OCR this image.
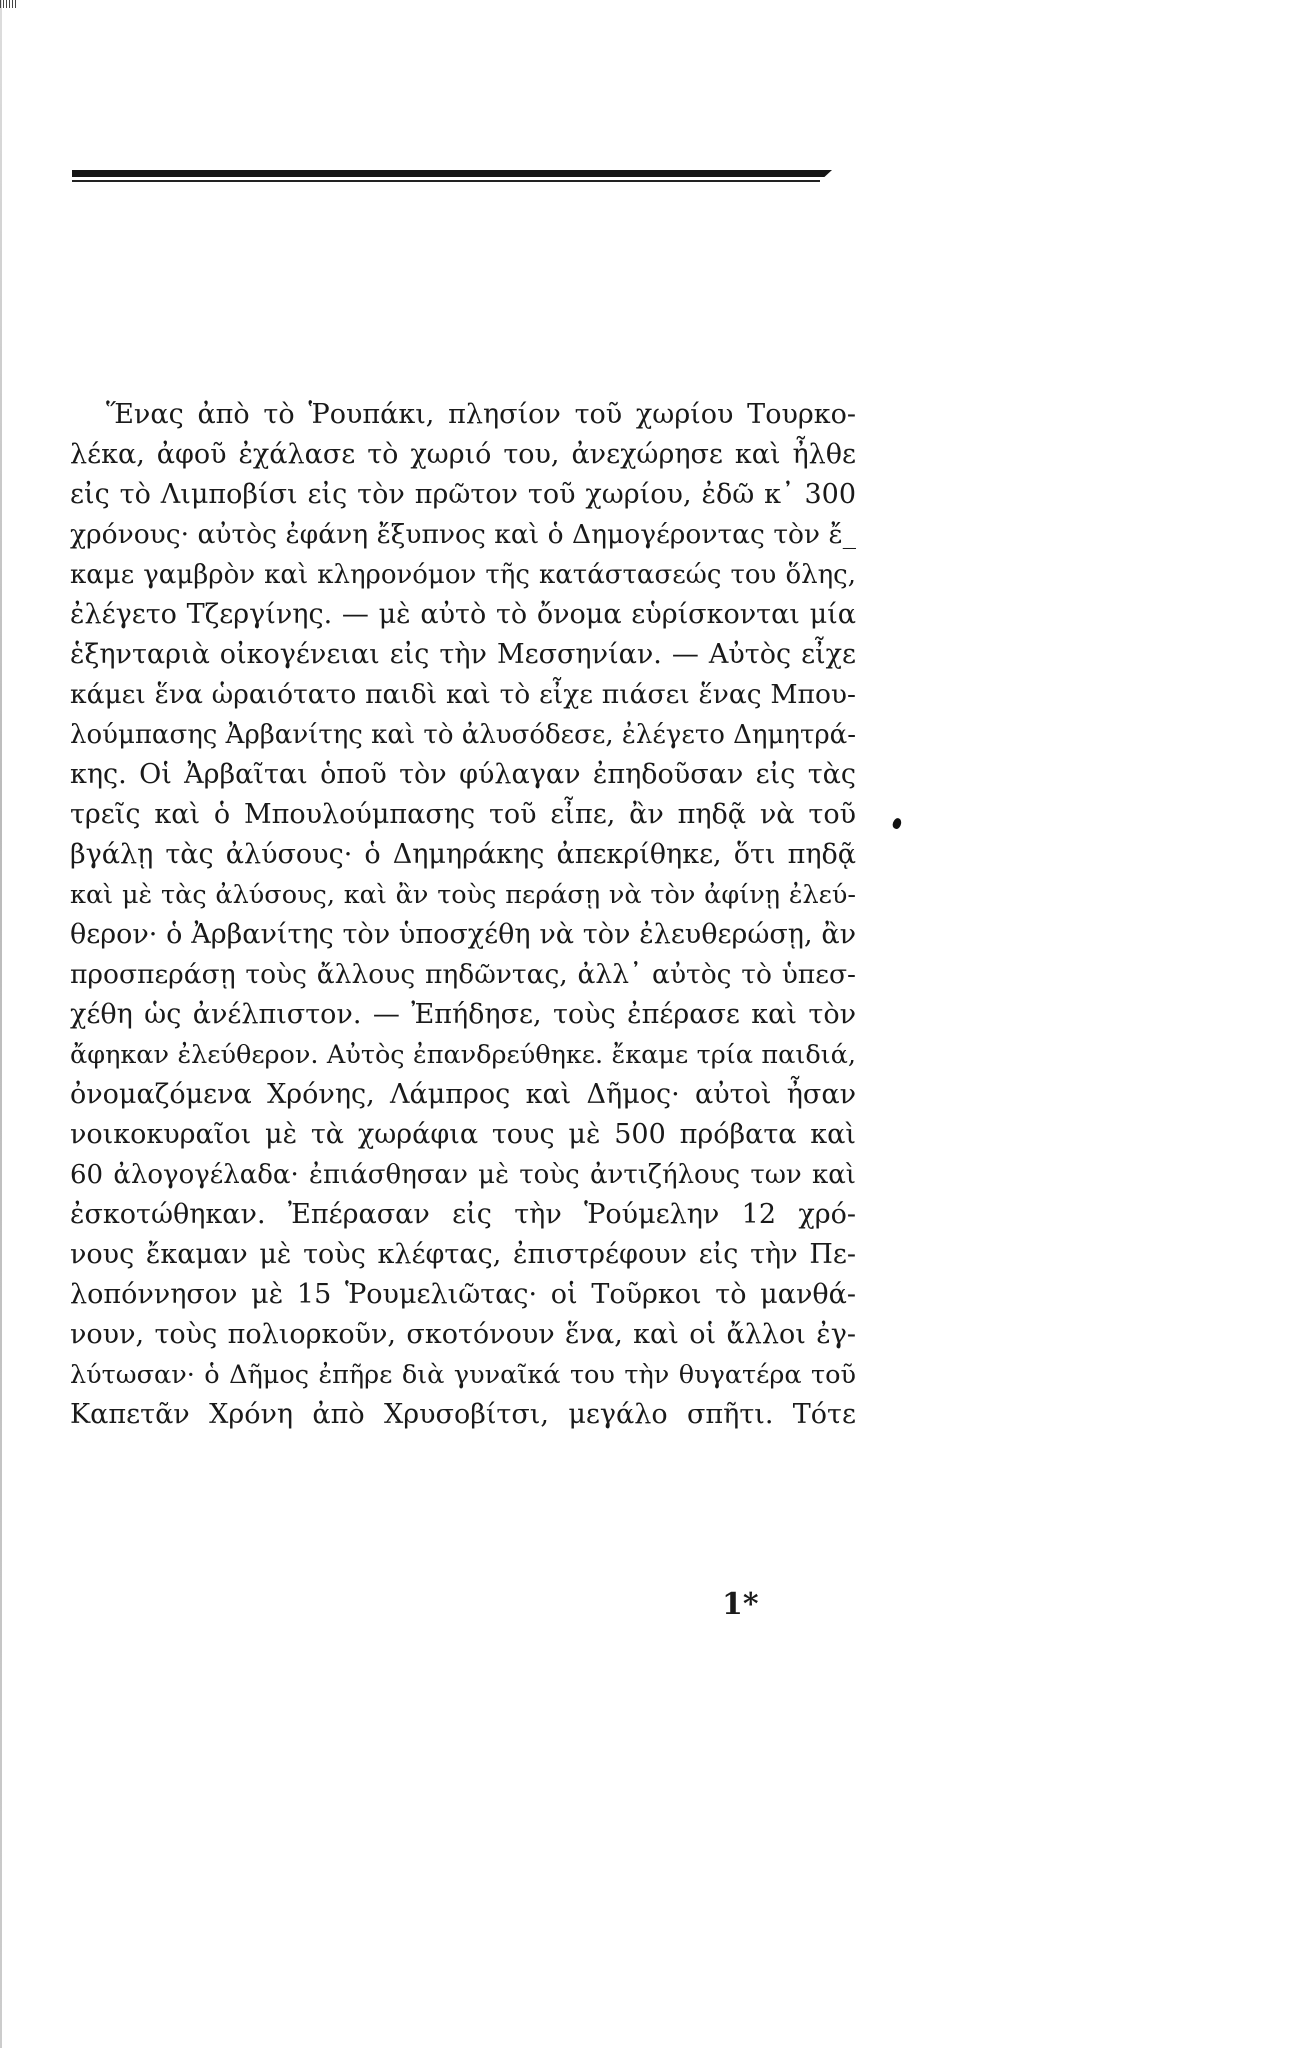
Ἕνας ἀπὸ τὸ Ῥουπάκι, πλησίον τοῦ χωρίου Τουρκο-
λέκα, ἀφοῦ ἐχάλασε τὸ χωριό του, ἀνεχώρησε καὶ ἦλθε
εἰς τὸ Λιμποβίσι εἰς τὸν πρῶτον τοῦ χωρίου, ἐδῶ κ᾽ 300
χρόνους· αὐτὸς ἐφάνη ἔξυπνος καὶ ὁ Δημογέροντας τὸν ἔ_
καμε γαμβρὸν καὶ κληρονόμον τῆς κατάστασεώς του ὅλης,
ἐλέγετο Τζεργίνης. — μὲ αὐτὸ τὸ ὄνομα εὑρίσκονται μία
ἑξηνταριὰ οἰκογένειαι εἰς τὴν Μεσσηνίαν. — Αὐτὸς εἶχε
κάμει ἕνα ὡραιότατο παιδὶ καὶ τὸ εἶχε πιάσει ἕνας Μπου-
λούμπασης Ἀρβανίτης καὶ τὸ ἀλυσόδεσε, ἐλέγετο Δημητρά-
κης. Οἱ Ἀρβαῖται ὁποῦ τὸν φύλαγαν ἐπηδοῦσαν εἰς τὰς
τρεῖς καὶ ὁ Μπουλούμπασης τοῦ εἶπε, ἂν πηδᾷ νὰ τοῦ
βγάλῃ τὰς ἀλύσους· ὁ Δημηράκης ἀπεκρίθηκε, ὅτι πηδᾷ
καὶ μὲ τὰς ἀλύσους, καὶ ἂν τοὺς περάσῃ νὰ τὸν ἀφίνῃ ἐλεύ-
θερον· ὁ Ἀρβανίτης τὸν ὑποσχέθη νὰ τὸν ἐλευθερώσῃ, ἂν
προσπεράσῃ τοὺς ἄλλους πηδῶντας, ἀλλ᾽ αὐτὸς τὸ ὑπεσ-
χέθη ὡς ἀνέλπιστον. — Ἐπήδησε, τοὺς ἐπέρασε καὶ τὸν
ἄφηκαν ἐλεύθερον. Αὐτὸς ἐπανδρεύθηκε. ἔκαμε τρία παιδιά,
ὀνομαζόμενα Χρόνης, Λάμπρος καὶ Δῆμος· αὐτοὶ ἦσαν
νοικοκυραῖοι μὲ τὰ χωράφια τους μὲ 500 πρόβατα καὶ
60 ἀλογογέλαδα· ἐπιάσθησαν μὲ τοὺς ἀντιζήλους των καὶ
ἐσκοτώθηκαν. Ἐπέρασαν εἰς τὴν Ῥούμελην 12 χρό-
νους ἔκαμαν μὲ τοὺς κλέφτας, ἐπιστρέφουν εἰς τὴν Πε-
λοπόννησον μὲ 15 Ῥουμελιῶτας· οἱ Τοῦρκοι τὸ μανθά-
νουν, τοὺς πολιορκοῦν, σκοτόνουν ἕνα, καὶ οἱ ἄλλοι ἐγ-
λύτωσαν· ὁ Δῆμος ἐπῆρε διὰ γυναῖκά του τὴν θυγατέρα τοῦ
Καπετᾶν Χρόνη ἀπὸ Χρυσοβίτσι, μεγάλο σπῆτι. Τότε
1*
